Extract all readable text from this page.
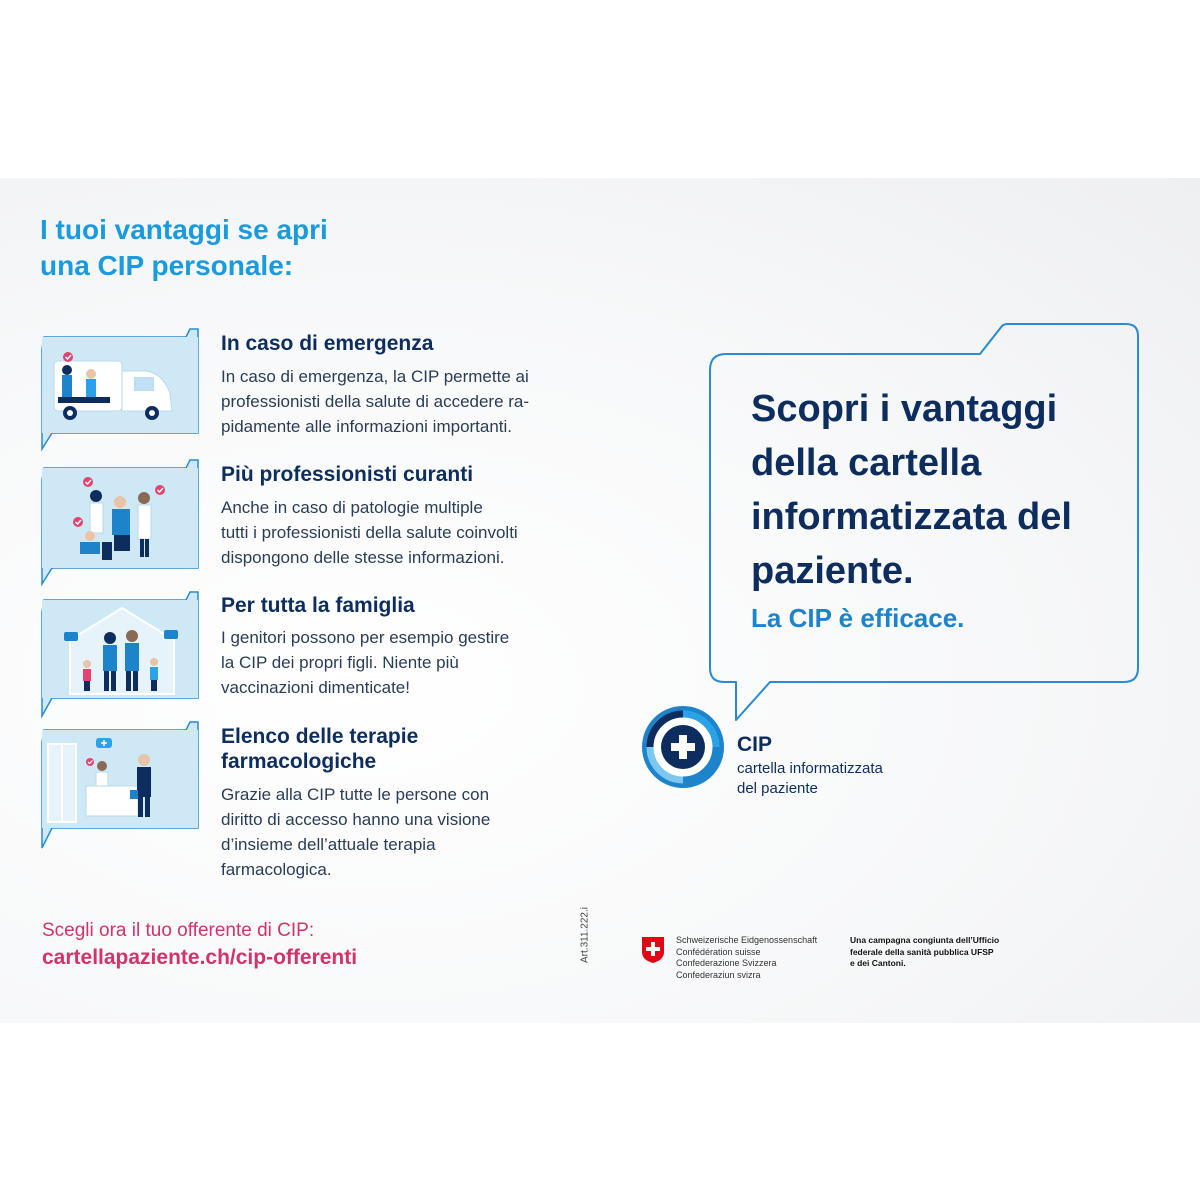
I tuoi vantaggi se apri
una CIP personale:
In caso di emergenza
In caso di emergenza, la CIP permette ai
professionisti della salute di accedere ra-
pidamente alle informazioni importanti.
Più professionisti curanti
Anche in caso di patologie multiple
tutti i professionisti della salute coinvolti
dispongono delle stesse informazioni.
Per tutta la famiglia
I genitori possono per esempio gestire
la CIP dei propri figli. Niente più
vaccinazioni dimenticate!
Elenco delle terapie
farmacologiche
Grazie alla CIP tutte le persone con
diritto di accesso hanno una visione
d’insieme dell’attuale terapia
farmacologica.
Scegli ora il tuo offerente di CIP:
cartellapaziente.ch/cip-offerenti	Art.311.222.i
Scopri i vantaggi
della cartella
informatizzata del
paziente.
La CIP è efficace.
CIP
cartella informatizzata
del paziente
Schweizerische Eidgenossenschaft
Confédération suisse
Confederazione Svizzera
Confederaziun svizra
Una campagna congiunta dell’Ufficio
federale della sanità pubblica UFSP
e dei Cantoni.
